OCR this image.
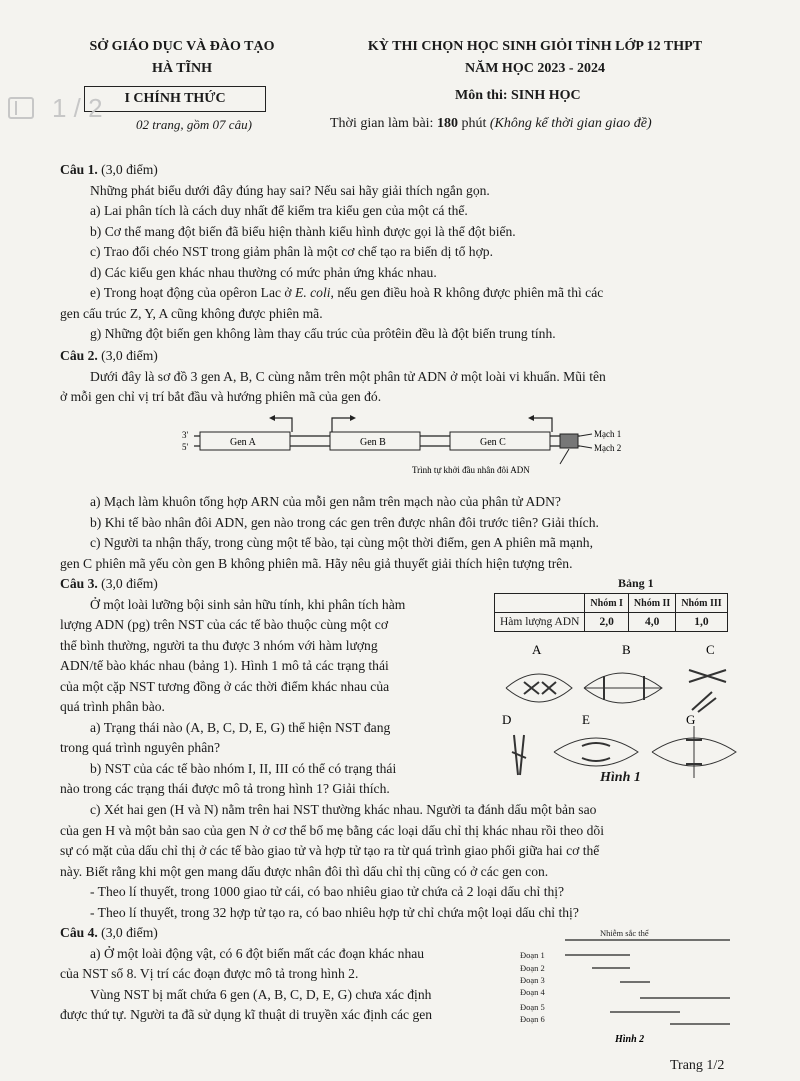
SỞ GIÁO DỤC VÀ ĐÀO TẠO
HÀ TĨNH
I CHÍNH THỨC
02 trang, gồm 07 câu)
1 / 2
KỲ THI CHỌN HỌC SINH GIỎI TỈNH LỚP 12 THPT
NĂM HỌC 2023 - 2024
Môn thi: SINH HỌC
Thời gian làm bài: 180 phút (Không kể thời gian giao đề)

Câu 1. (3,0 điểm)

Những phát biểu dưới đây đúng hay sai? Nếu sai hãy giải thích ngắn gọn.

a) Lai phân tích là cách duy nhất để kiểm tra kiểu gen của một cá thể.

b) Cơ thể mang đột biến đã biểu hiện thành kiểu hình được gọi là thể đột biến.

c) Trao đổi chéo NST trong giảm phân là một cơ chế tạo ra biến dị tổ hợp.

d) Các kiểu gen khác nhau thường có mức phản ứng khác nhau.

e) Trong hoạt động của opêron Lac ở E. coli, nếu gen điều hoà R không được phiên mã thì các

gen cấu trúc Z, Y, A cũng không được phiên mã.

g) Những đột biến gen không làm thay cấu trúc của prôtêin đều là đột biến trung tính.

Câu 2. (3,0 điểm)

Dưới đây là sơ đồ 3 gen A, B, C cùng nằm trên một phân tử ADN ở một loài vi khuẩn. Mũi tên

ở mỗi gen chỉ vị trí bắt đầu và hướng phiên mã của gen đó.

3'
5'	Gen A	Gen B	Gen C
Mạch 1
Mạch 2
Trình tự khởi đầu nhân đôi ADN

a) Mạch làm khuôn tổng hợp ARN của mỗi gen nằm trên mạch nào của phân tử ADN?

b) Khi tế bào nhân đôi ADN, gen nào trong các gen trên được nhân đôi trước tiên? Giải thích.

c) Người ta nhận thấy, trong cùng một tế bào, tại cùng một thời điểm, gen A phiên mã mạnh,

gen C phiên mã yếu còn gen B không phiên mã. Hãy nêu giả thuyết giải thích hiện tượng trên.

Câu 3. (3,0 điểm)

Ở một loài lưỡng bội sinh sản hữu tính, khi phân tích hàm

lượng ADN (pg) trên NST của các tế bào thuộc cùng một cơ

thể bình thường, người ta thu được 3 nhóm với hàm lượng

ADN/tế bào khác nhau (bảng 1). Hình 1 mô tả các trạng thái

của một cặp NST tương đồng ở các thời điểm khác nhau của

quá trình phân bào.

a) Trạng thái nào (A, B, C, D, E, G) thể hiện NST đang

trong quá trình nguyên phân?

b) NST của các tế bào nhóm I, II, III có thể có trạng thái

nào trong các trạng thái được mô tả trong hình 1? Giải thích.

Bảng 1
	Nhóm I	Nhóm II	Nhóm III
Hàm lượng ADN	2,0	4,0	1,0
A	B	C
D	E	G
Hình 1

c) Xét hai gen (H và N) nằm trên hai NST thường khác nhau. Người ta đánh dấu một bản sao

của gen H và một bản sao của gen N ở cơ thể bố mẹ bằng các loại dấu chỉ thị khác nhau rồi theo dõi

sự có mặt của dấu chỉ thị ở các tế bào giao tử và hợp tử tạo ra từ quá trình giao phối giữa hai cơ thể

này. Biết rằng khi một gen mang dấu được nhân đôi thì dấu chỉ thị cũng có ở các gen con.

- Theo lí thuyết, trong 1000 giao tử cái, có bao nhiêu giao tử chứa cả 2 loại dấu chỉ thị?

- Theo lí thuyết, trong 32 hợp tử tạo ra, có bao nhiêu hợp tử chỉ chứa một loại dấu chỉ thị?

Câu 4. (3,0 điểm)

a) Ở một loài động vật, có 6 đột biến mất các đoạn khác nhau

của NST số 8. Vị trí các đoạn được mô tả trong hình 2.

Vùng NST bị mất chứa 6 gen (A, B, C, D, E, G) chưa xác định

được thứ tự. Người ta đã sử dụng kĩ thuật di truyền xác định các gen

Nhiễm sắc thể
Đoạn 1
Đoạn 2
Đoạn 3
Đoạn 4
Đoạn 5
Đoạn 6
Hình 2
Trang 1/2
